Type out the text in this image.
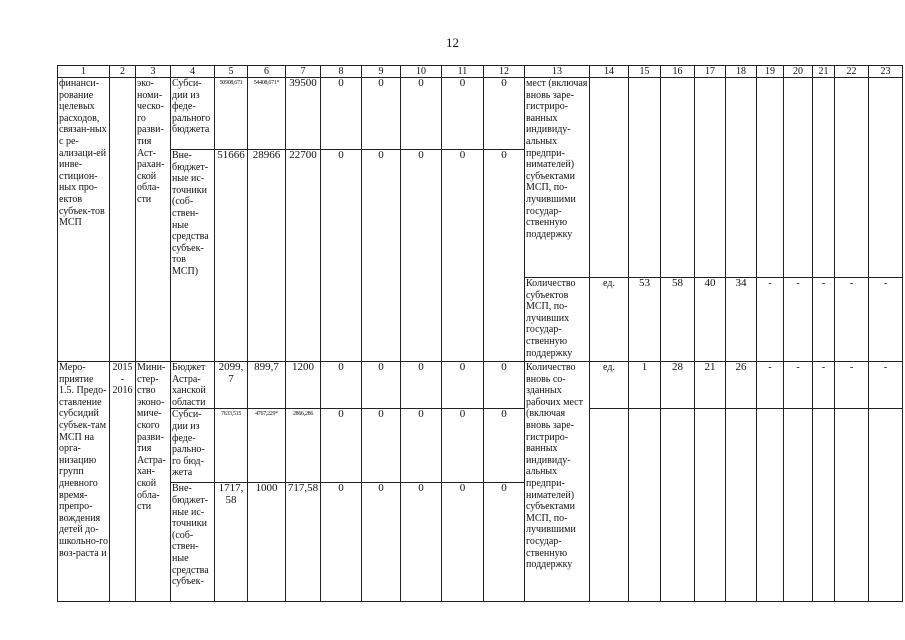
12
1	2	3	4	5	6	7	8	9	10	11	12	13	14	15	16	17	18	19	20	21	22	23
финанси-рование целевых расходов, связан-ных с ре-ализаци-ей инве-стицион-ных про-ектов субъек-тов МСП		эко-номи-ческо-го разви-тия Аст-рахан-ской обла-сти	Субси-дии из феде-рального бюджета	50908,671	54408,671*	39500	0	0	0	0	0	мест (включая вновь заре-гистриро-ванных индивиду-альных предпри-нимателей) субъектами МСП, по-лучившими государ-ственную поддержку										
			Вне-бюджет-ные ис-точники (соб-ствен-ные средства субъек-тов МСП)	51666	28966	22700	0	0	0	0	0											
												Количество субъектов МСП, по-лучивших государ-ственную поддержку	ед.	53	58	40	34	-	-	-	-	-
Меро-приятие 1.5. Предо-ставление субсидий субъек-там МСП на орга-низацию групп дневного время-препро-вождения детей до-школьно-го воз-раста и	2015 - 2016	Мини-стер-ство эконо-миче-ского разви-тия Астра-хан-ской обла-сти	Бюджет Астра-ханской области	2099,7	899,7	1200	0	0	0	0	0	Количество вновь со-зданных рабочих мест (включая вновь заре-гистриро-ванных индивиду-альных предпри-нимателей) субъектами МСП, по-лучившими государ-ственную поддержку	ед.	1	28	21	26	-	-	-	-	-
			Субси-дии из феде-рально-го бюд-жета	7633,515	4767,229*	2866,286	0	0	0	0	0											
			Вне-бюджет-ные ис-точники (соб-ствен-ные средства субъек-	1717,58	1000	717,58	0	0	0	0	0											
